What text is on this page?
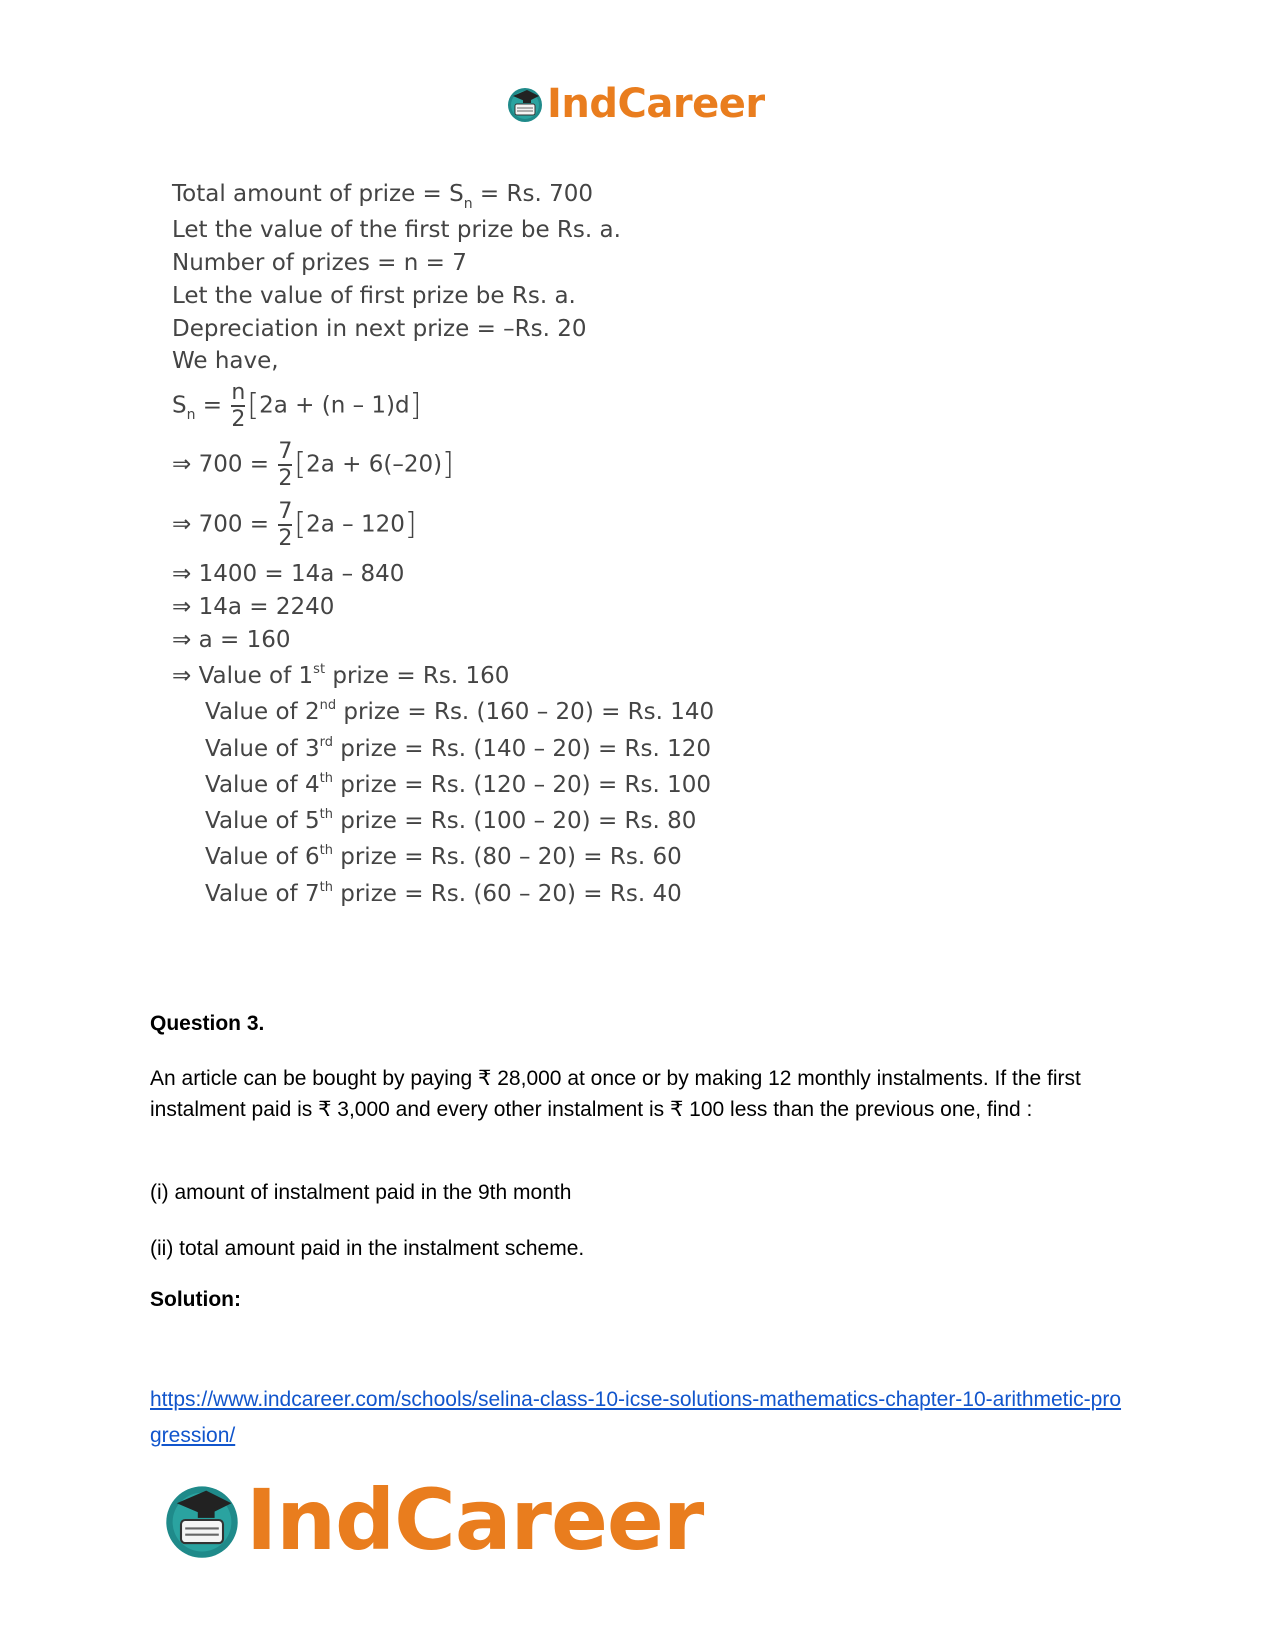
IndCareer
Total amount of prize = $S_n = Rs$. 700
Let the value of the first prize be Rs. a.
Number of prizes = n = 7
Let the value of first prize be Rs. a.
Depreciation in next prize = –Rs. 20
We have,
$S_n = \frac{n}{2} [2a + (n - 1)d]$
⇒ $700 = \frac{7}{2} [2a + 6(-20)]$
⇒ $700 = \frac{7}{2} [2a - 120]$
⇒ 1400 = 14a – 840
⇒ 14a = 2240
⇒ a = 160
⇒ Value of 1st prize = Rs. 160
Value of 2nd prize = Rs. (160 – 20) = Rs. 140
Value of 3rd prize = Rs. (140 – 20) = Rs. 120
Value of 4th prize = Rs. (120 – 20) = Rs. 100
Value of 5th prize = Rs. (100 – 20) = Rs. 80
Value of 6th prize = Rs. (80 – 20) = Rs. 60
Value of 7th prize = Rs. (60 – 20) = Rs. 40
Question 3.
An article can be bought by paying ₹ 28,000 at once or by making 12 monthly instalments. If the first instalment paid is ₹ 3,000 and every other instalment is ₹ 100 less than the previous one, find :
(i) amount of instalment paid in the 9th month
(ii) total amount paid in the instalment scheme.
Solution:
https://www.indcareer.com/schools/selina-class-10-icse-solutions-mathematics-chapter-10-arithmetic-progression/
IndCareer
